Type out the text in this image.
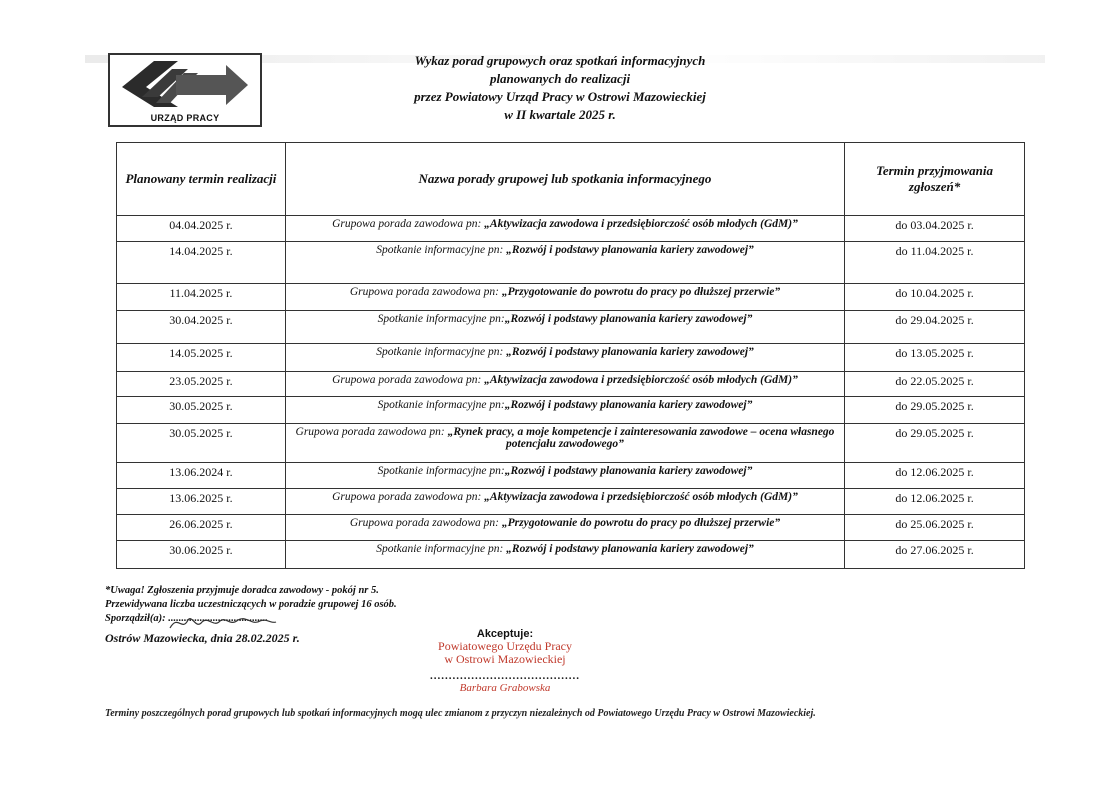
URZĄD PRACY
Wykaz porad grupowych oraz spotkań informacyjnych
planowanych do realizacji
przez Powiatowy Urząd Pracy w Ostrowi Mazowieckiej
w II kwartale 2025 r.
Planowany termin realizacji	Nazwa porady grupowej lub spotkania informacyjnego	Termin przyjmowania zgłoszeń*
04.04.2025 r.	Grupowa porada zawodowa pn: „Aktywizacja zawodowa i przedsiębiorczość osób młodych (GdM)”	do 03.04.2025 r.
14.04.2025 r.	Spotkanie informacyjne pn: „Rozwój i podstawy planowania kariery zawodowej”	do 11.04.2025 r.
11.04.2025 r.	Grupowa porada zawodowa pn: „Przygotowanie do powrotu do pracy po dłuższej przerwie”	do 10.04.2025 r.
30.04.2025 r.	Spotkanie informacyjne pn:„Rozwój i podstawy planowania kariery zawodowej”	do 29.04.2025 r.
14.05.2025 r.	Spotkanie informacyjne pn: „Rozwój i podstawy planowania kariery zawodowej”	do 13.05.2025 r.
23.05.2025 r.	Grupowa porada zawodowa pn: „Aktywizacja zawodowa i przedsiębiorczość osób młodych (GdM)”	do 22.05.2025 r.
30.05.2025 r.	Spotkanie informacyjne pn:„Rozwój i podstawy planowania kariery zawodowej”	do 29.05.2025 r.
30.05.2025 r.	Grupowa porada zawodowa pn: „Rynek pracy, a moje kompetencje i zainteresowania zawodowe – ocena własnego potencjału zawodowego”	do 29.05.2025 r.
13.06.2024 r.	Spotkanie informacyjne pn:„Rozwój i podstawy planowania kariery zawodowej”	do 12.06.2025 r.
13.06.2025 r.	Grupowa porada zawodowa pn: „Aktywizacja zawodowa i przedsiębiorczość osób młodych (GdM)”	do 12.06.2025 r.
26.06.2025 r.	Grupowa porada zawodowa pn: „Przygotowanie do powrotu do pracy po dłuższej przerwie”	do 25.06.2025 r.
30.06.2025 r.	Spotkanie informacyjne pn: „Rozwój i podstawy planowania kariery zawodowej”	do 27.06.2025 r.
*Uwaga! Zgłoszenia przyjmuje doradca zawodowy - pokój nr 5.
Przewidywana liczba uczestniczących w poradzie grupowej 16 osób.
Sporządził(a): ......................................
Ostrów Mazowiecka, dnia 28.02.2025 r.	Akceptuje:
Powiatowego Urzędu Pracy
w Ostrowi Mazowieckiej
........................................
Barbara Grabowska
Terminy poszczególnych porad grupowych lub spotkań informacyjnych mogą ulec zmianom z przyczyn niezależnych od Powiatowego Urzędu Pracy w Ostrowi Mazowieckiej.
